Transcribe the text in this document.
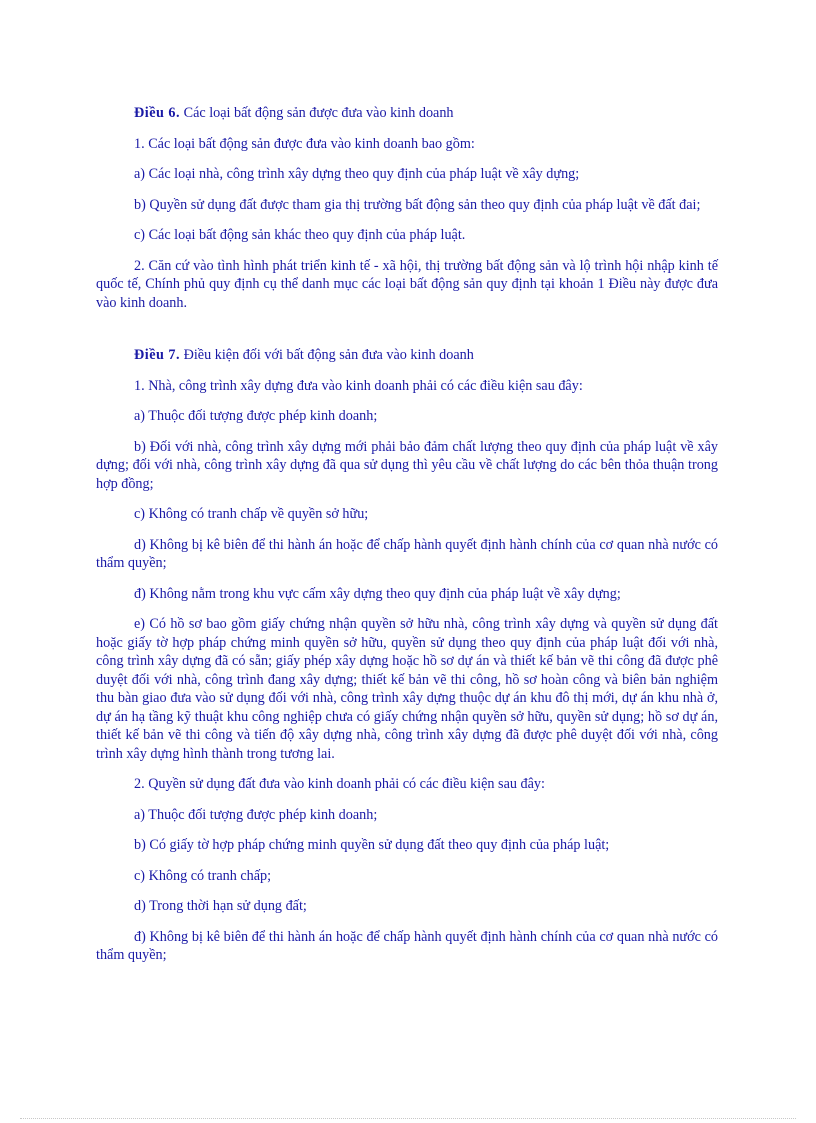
Điều 6. Các loại bất động sản được đưa vào kinh doanh

1. Các loại bất động sản được đưa vào kinh doanh bao gồm:

a) Các loại nhà, công trình xây dựng theo quy định của pháp luật về xây dựng;

b) Quyền sử dụng đất được tham gia thị trường bất động sản theo quy định của pháp luật về đất đai;

c) Các loại bất động sản khác theo quy định của pháp luật.

2. Căn cứ vào tình hình phát triển kinh tế - xã hội, thị trường bất động sản và lộ trình hội nhập kinh tế quốc tế, Chính phủ quy định cụ thể danh mục các loại bất động sản quy định tại khoản 1 Điều này được đưa vào kinh doanh.

Điều 7. Điều kiện đối với bất động sản đưa vào kinh doanh

1. Nhà, công trình xây dựng đưa vào kinh doanh phải có các điều kiện sau đây:

a) Thuộc đối tượng được phép kinh doanh;

b) Đối với nhà, công trình xây dựng mới phải bảo đảm chất lượng theo quy định của pháp luật về xây dựng; đối với nhà, công trình xây dựng đã qua sử dụng thì yêu cầu về chất lượng do các bên thỏa thuận trong hợp đồng;

c) Không có tranh chấp về quyền sở hữu;

d) Không bị kê biên để thi hành án hoặc để chấp hành quyết định hành chính của cơ quan nhà nước có thẩm quyền;

đ) Không nằm trong khu vực cấm xây dựng theo quy định của pháp luật về xây dựng;

e) Có hồ sơ bao gồm giấy chứng nhận quyền sở hữu nhà, công trình xây dựng và quyền sử dụng đất hoặc giấy tờ hợp pháp chứng minh quyền sở hữu, quyền sử dụng theo quy định của pháp luật đối với nhà, công trình xây dựng đã có sẵn; giấy phép xây dựng hoặc hồ sơ dự án và thiết kế bản vẽ thi công đã được phê duyệt đối với nhà, công trình đang xây dựng; thiết kế bản vẽ thi công, hồ sơ hoàn công và biên bản nghiệm thu bàn giao đưa vào sử dụng đối với nhà, công trình xây dựng thuộc dự án khu đô thị mới, dự án khu nhà ở, dự án hạ tầng kỹ thuật khu công nghiệp chưa có giấy chứng nhận quyền sở hữu, quyền sử dụng; hồ sơ dự án, thiết kế bản vẽ thi công và tiến độ xây dựng nhà, công trình xây dựng đã được phê duyệt đối với nhà, công trình xây dựng hình thành trong tương lai.

2. Quyền sử dụng đất đưa vào kinh doanh phải có các điều kiện sau đây:

a) Thuộc đối tượng được phép kinh doanh;

b) Có giấy tờ hợp pháp chứng minh quyền sử dụng đất theo quy định của pháp luật;

c) Không có tranh chấp;

d) Trong thời hạn sử dụng đất;

đ) Không bị kê biên để thi hành án hoặc để chấp hành quyết định hành chính của cơ quan nhà nước có thẩm quyền;
